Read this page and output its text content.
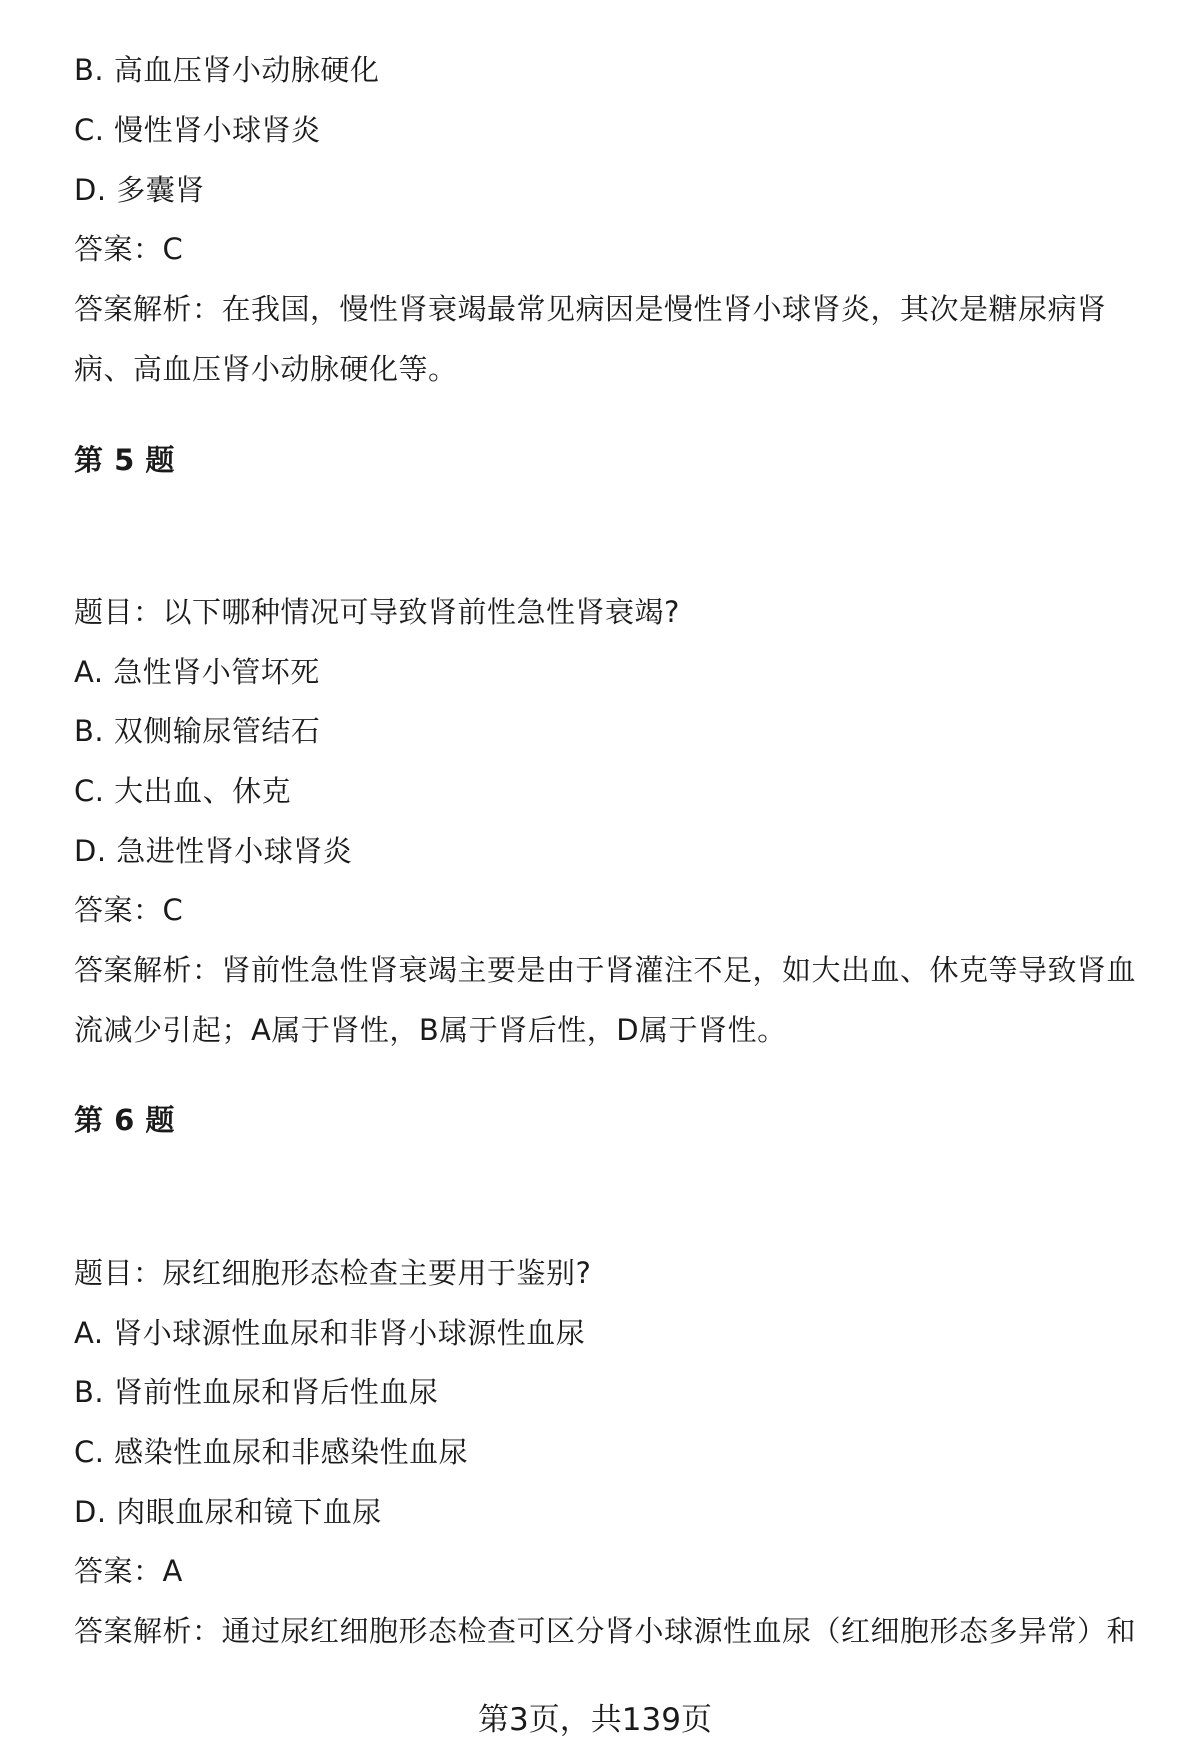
B. 高血压肾小动脉硬化
C. 慢性肾小球肾炎
D. 多囊肾
答案：C
答案解析：在我国，慢性肾衰竭最常见病因是慢性肾小球肾炎，其次是糖尿病肾
病、高血压肾小动脉硬化等。
第 5 题
题目：以下哪种情况可导致肾前性急性肾衰竭?
A. 急性肾小管坏死
B. 双侧输尿管结石
C. 大出血、休克
D. 急进性肾小球肾炎
答案：C
答案解析：肾前性急性肾衰竭主要是由于肾灌注不足，如大出血、休克等导致肾血
流减少引起；A属于肾性，B属于肾后性，D属于肾性。
第 6 题
题目：尿红细胞形态检查主要用于鉴别?
A. 肾小球源性血尿和非肾小球源性血尿
B. 肾前性血尿和肾后性血尿
C. 感染性血尿和非感染性血尿
D. 肉眼血尿和镜下血尿
答案：A
答案解析：通过尿红细胞形态检查可区分肾小球源性血尿（红细胞形态多异常）和
第3页，共139页
